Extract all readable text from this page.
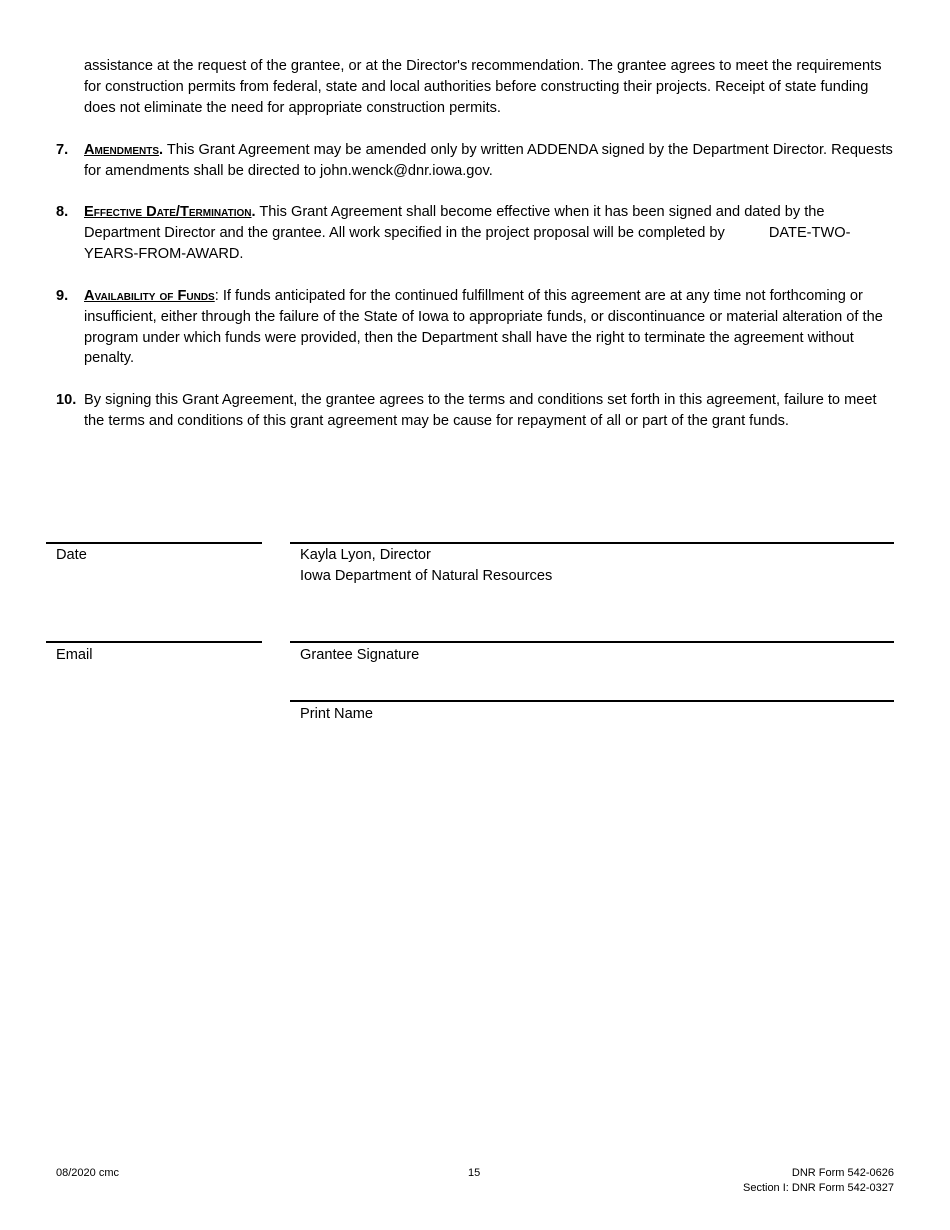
assistance at the request of the grantee, or at the Director's recommendation. The grantee agrees to meet the requirements for construction permits from federal, state and local authorities before constructing their projects. Receipt of state funding does not eliminate the need for appropriate construction permits.
7. Amendments. This Grant Agreement may be amended only by written ADDENDA signed by the Department Director. Requests for amendments shall be directed to john.wenck@dnr.iowa.gov.
8. Effective Date/Termination. This Grant Agreement shall become effective when it has been signed and dated by the Department Director and the grantee. All work specified in the project proposal will be completed by	DATE-TWO-YEARS-FROM-AWARD.
9. Availability of Funds: If funds anticipated for the continued fulfillment of this agreement are at any time not forthcoming or insufficient, either through the failure of the State of Iowa to appropriate funds, or discontinuance or material alteration of the program under which funds were provided, then the Department shall have the right to terminate the agreement without penalty.
10. By signing this Grant Agreement, the grantee agrees to the terms and conditions set forth in this agreement, failure to meet the terms and conditions of this grant agreement may be cause for repayment of all or part of the grant funds.
Date	Kayla Lyon, Director
Iowa Department of Natural Resources
Email	Grantee Signature
Print Name
08/2020 cmc	15	DNR Form 542-0626
Section I: DNR Form 542-0327
